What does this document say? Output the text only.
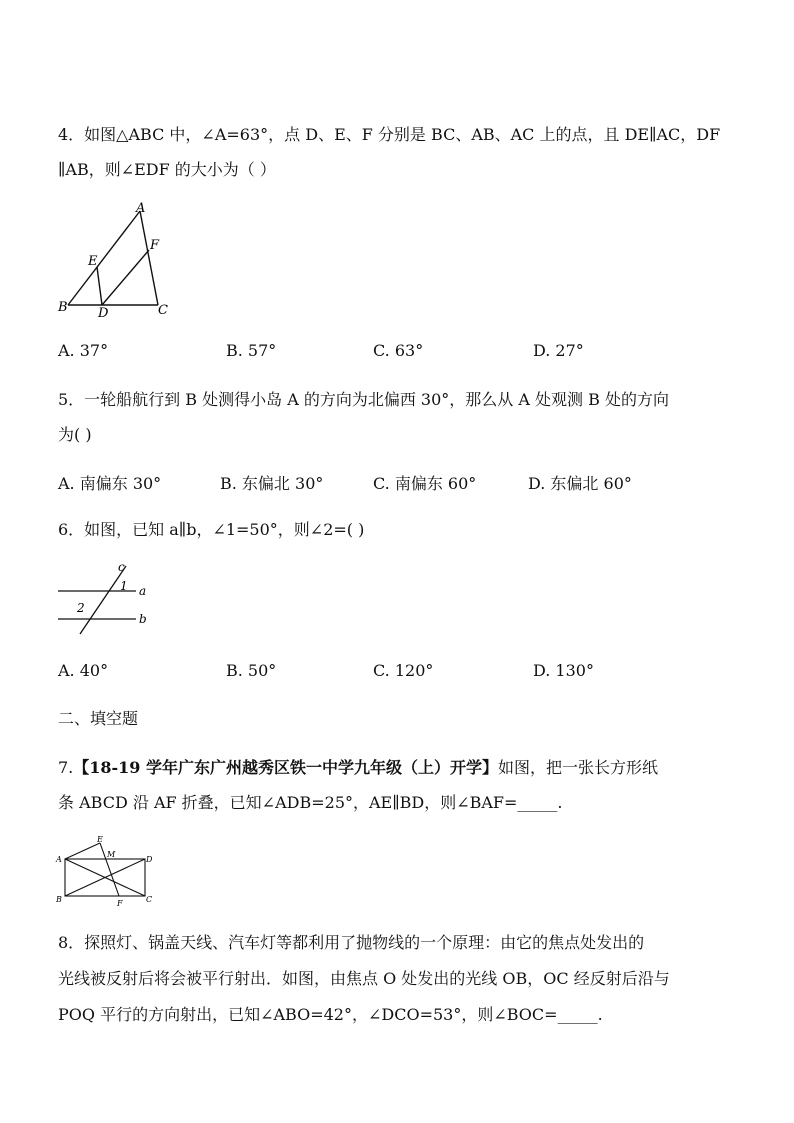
4．如图△ABC 中，∠A=63°，点 D、E、F 分别是 BC、AB、AC 上的点，且 DE∥AC，DF
∥AB，则∠EDF 的大小为（ ）
A
B	C
D
E
F
A. 37°	B. 57°	C. 63°	D. 27°
5．一轮船航行到 B 处测得小岛 A 的方向为北偏西 30°，那么从 A 处观测 B 处的方向
为( )
A. 南偏东 30°	B. 东偏北 30°	C. 南偏东 60°	D. 东偏北 60°
6．如图，已知 a∥b，∠1=50°，则∠2=( )
c
a
b
1
2
A. 40°	B. 50°	C. 120°	D. 130°
二、填空题
7.【18-19 学年广东广州越秀区铁一中学九年级（上）开学】如图，把一张长方形纸
条 ABCD 沿 AF 折叠，已知∠ADB=25°，AE∥BD，则∠BAF=_____.
A
B	C
D
E
F
M
8．探照灯、锅盖天线、汽车灯等都利用了抛物线的一个原理：由它的焦点处发出的
光线被反射后将会被平行射出．如图，由焦点 O 处发出的光线 OB，OC 经反射后沿与
POQ 平行的方向射出，已知∠ABO=42°，∠DCO=53°，则∠BOC=_____.
